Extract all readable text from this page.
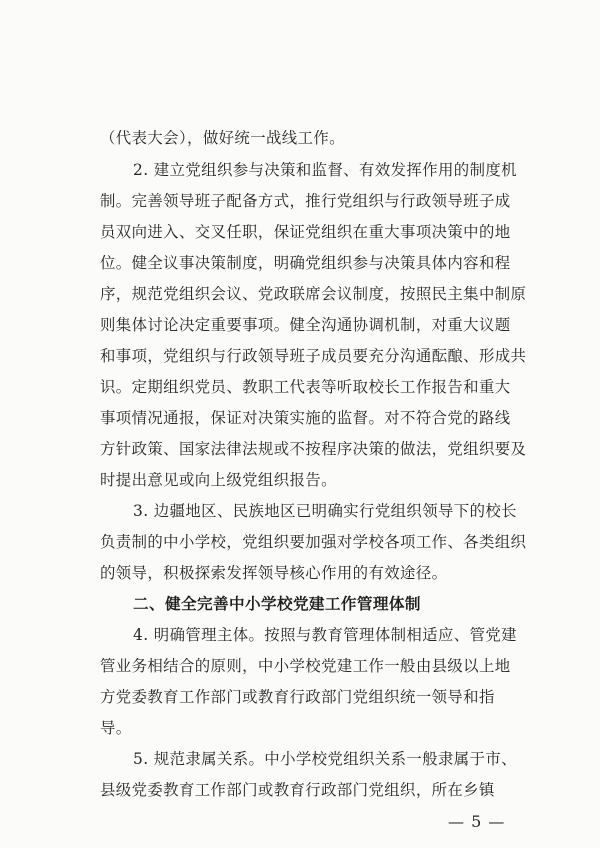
（代表大会），做好统一战线工作。
2. 建立党组织参与决策和监督、有效发挥作用的制度机
制。完善领导班子配备方式，推行党组织与行政领导班子成
员双向进入、交叉任职，保证党组织在重大事项决策中的地
位。健全议事决策制度，明确党组织参与决策具体内容和程
序，规范党组织会议、党政联席会议制度，按照民主集中制原
则集体讨论决定重要事项。健全沟通协调机制，对重大议题
和事项，党组织与行政领导班子成员要充分沟通酝酿、形成共
识。定期组织党员、教职工代表等听取校长工作报告和重大
事项情况通报，保证对决策实施的监督。对不符合党的路线
方针政策、国家法律法规或不按程序决策的做法，党组织要及
时提出意见或向上级党组织报告。
3. 边疆地区、民族地区已明确实行党组织领导下的校长
负责制的中小学校，党组织要加强对学校各项工作、各类组织
的领导，积极探索发挥领导核心作用的有效途径。
二、健全完善中小学校党建工作管理体制
4. 明确管理主体。按照与教育管理体制相适应、管党建
管业务相结合的原则，中小学校党建工作一般由县级以上地
方党委教育工作部门或教育行政部门党组织统一领导和指
导。
5. 规范隶属关系。中小学校党组织关系一般隶属于市、
县级党委教育工作部门或教育行政部门党组织，所在乡镇
— 5 —
